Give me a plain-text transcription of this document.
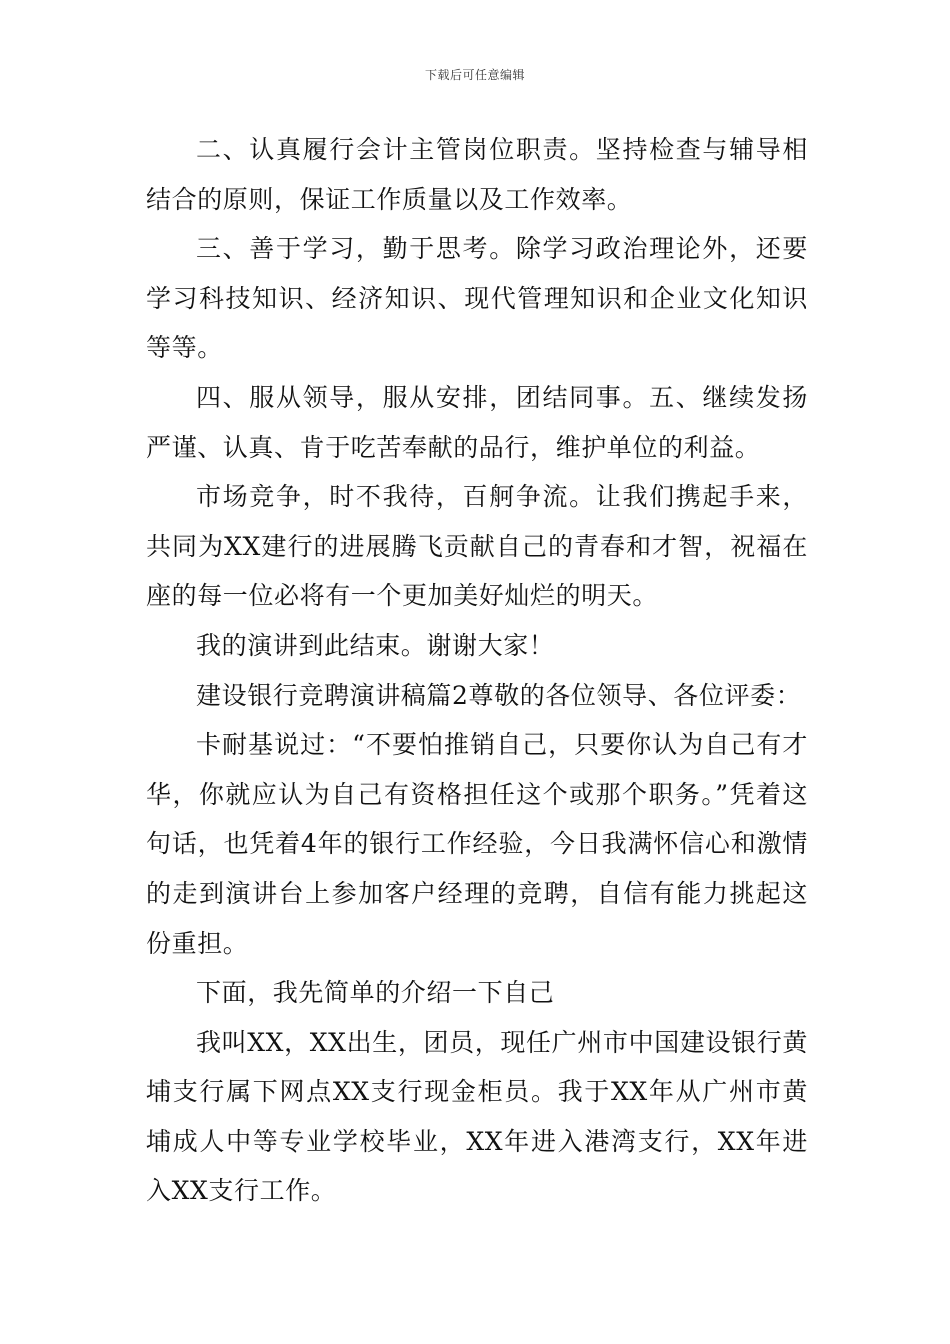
下载后可任意编辑

二、认真履行会计主管岗位职责。坚持检查与辅导相结合的原则，保证工作质量以及工作效率。

三、善于学习，勤于思考。除学习政治理论外，还要学习科技知识、经济知识、现代管理知识和企业文化知识等等。

四、服从领导，服从安排，团结同事。五、继续发扬严谨、认真、肯于吃苦奉献的品行，维护单位的利益。

市场竞争，时不我待，百舸争流。让我们携起手来，共同为XX建行的进展腾飞贡献自己的青春和才智，祝福在座的每一位必将有一个更加美好灿烂的明天。

我的演讲到此结束。谢谢大家！

建设银行竞聘演讲稿篇2尊敬的各位领导、各位评委：

卡耐基说过：“不要怕推销自己，只要你认为自己有才华，你就应认为自己有资格担任这个或那个职务。”凭着这句话，也凭着4年的银行工作经验，今日我满怀信心和激情的走到演讲台上参加客户经理的竞聘，自信有能力挑起这份重担。

下面，我先简单的介绍一下自己

我叫XX，XX出生，团员，现任广州市中国建设银行黄埔支行属下网点XX支行现金柜员。我于XX年从广州市黄埔成人中等专业学校毕业，XX年进入港湾支行，XX年进入XX支行工作。
